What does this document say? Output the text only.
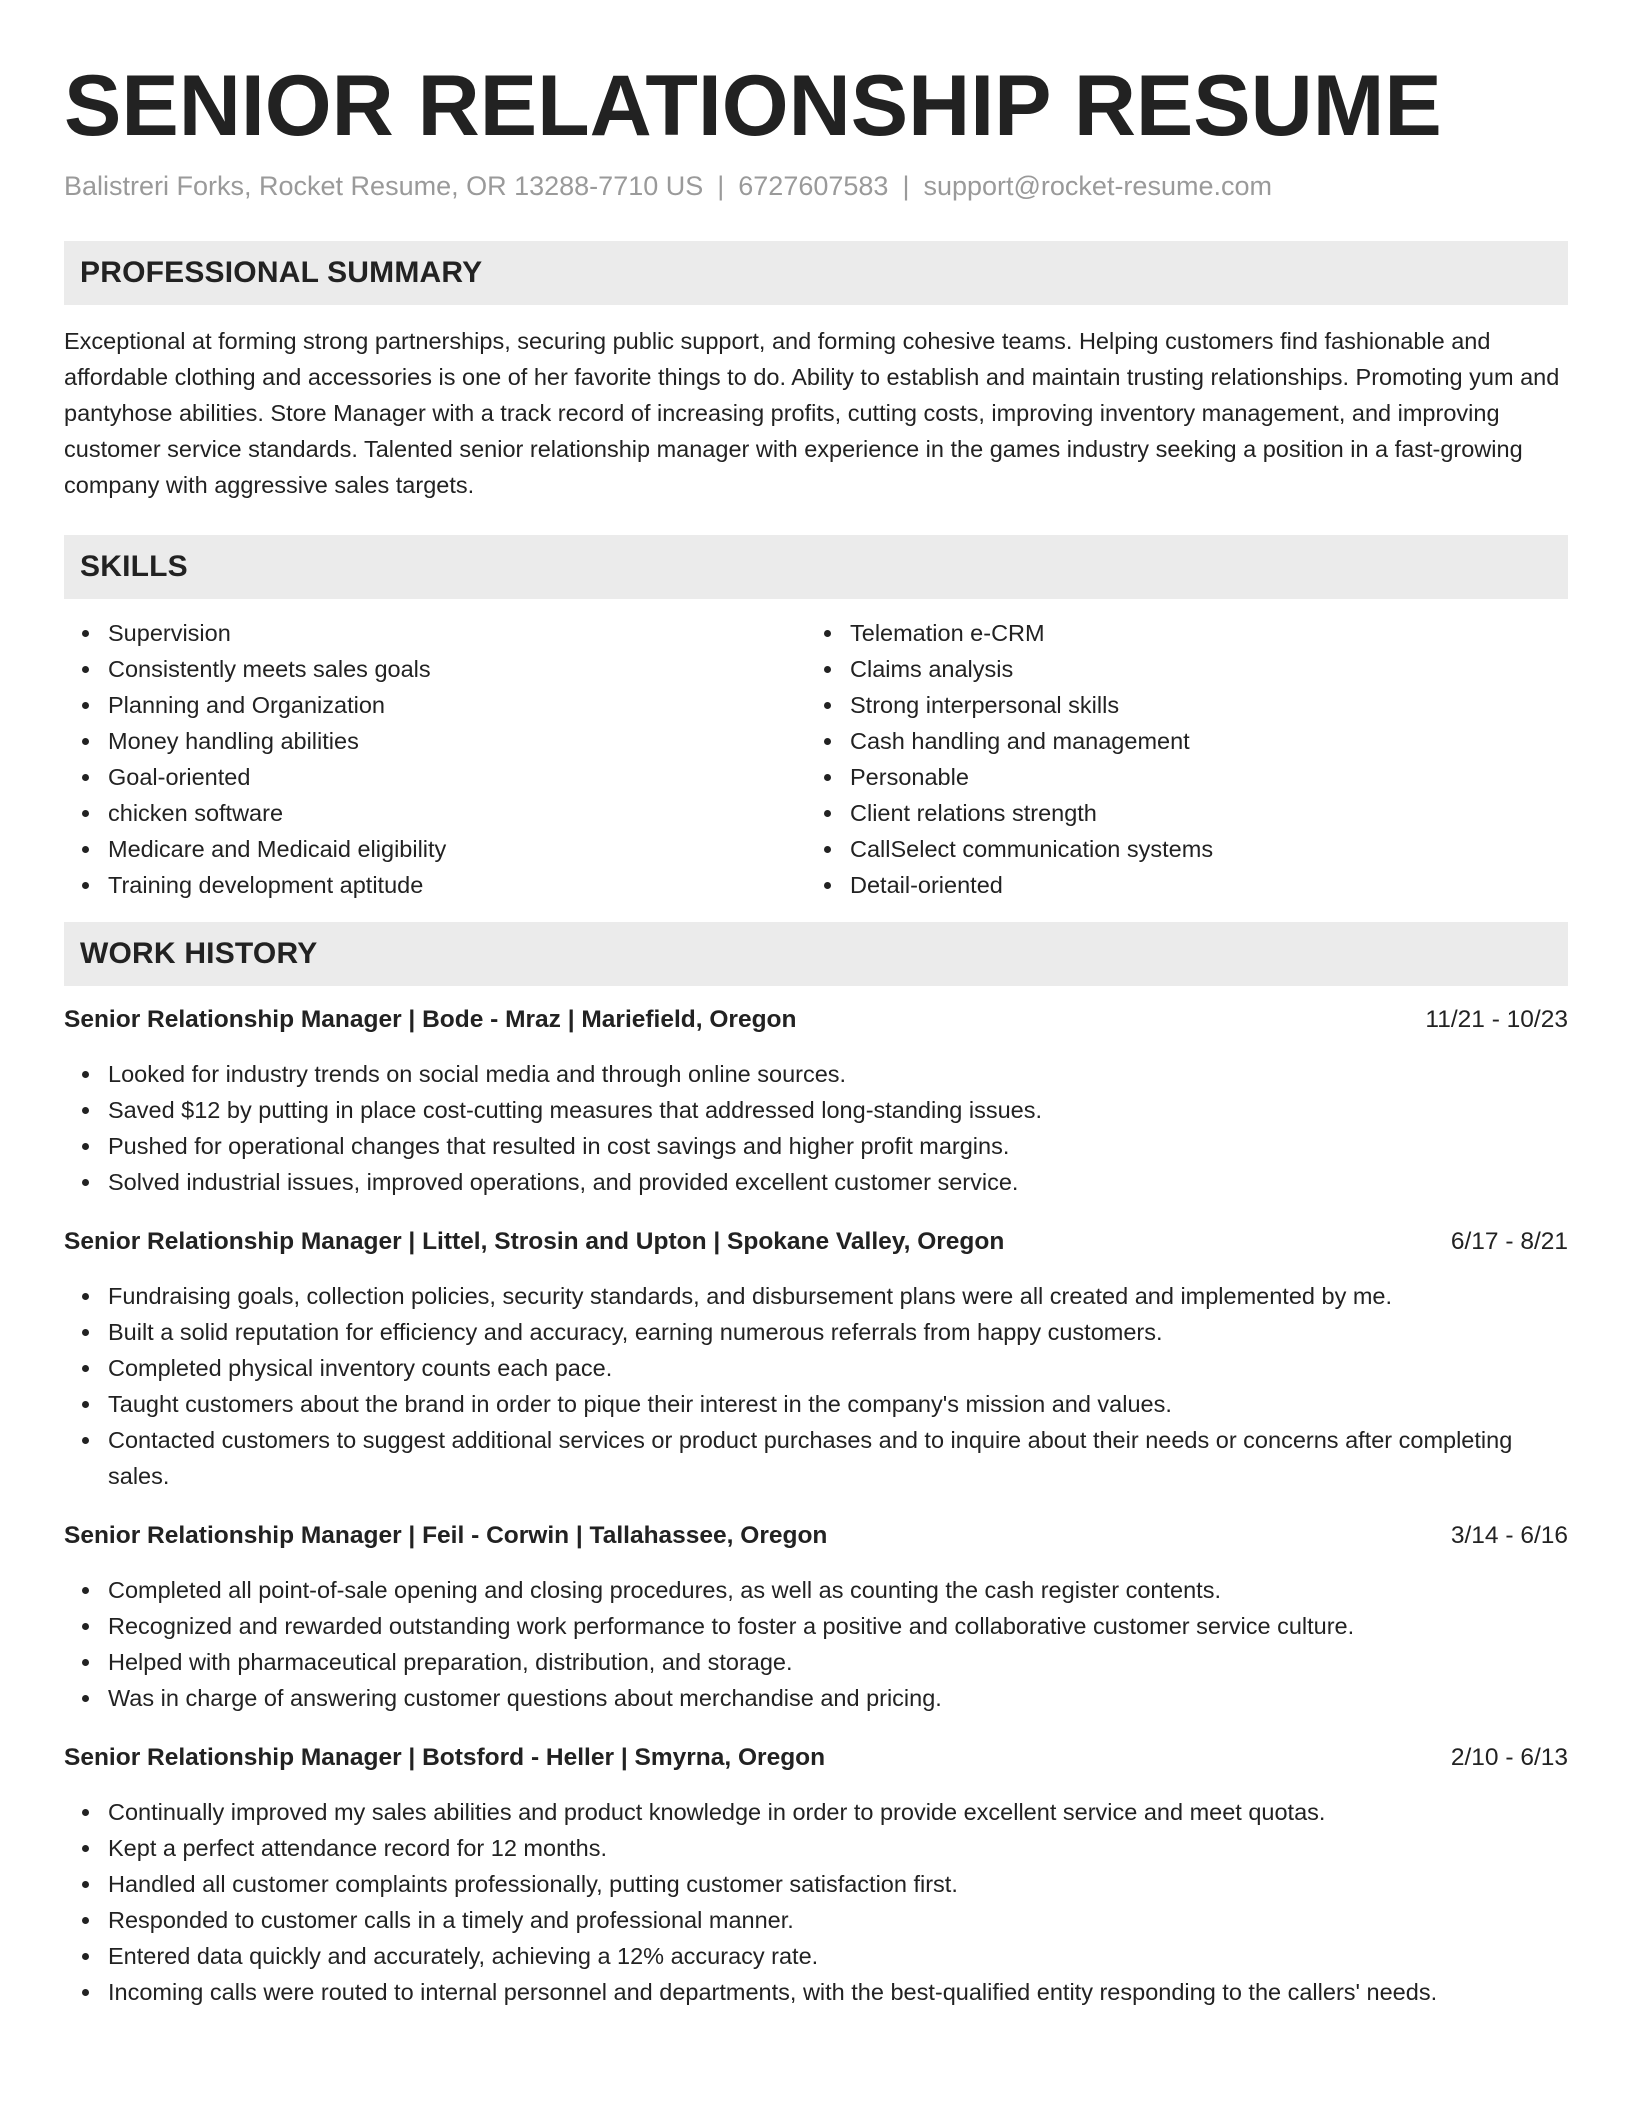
SENIOR RELATIONSHIP RESUME
Balistreri Forks, Rocket Resume, OR 13288-7710 US | 6727607583 | support@rocket-resume.com
PROFESSIONAL SUMMARY

Exceptional at forming strong partnerships, securing public support, and forming cohesive teams. Helping customers find fashionable and affordable clothing and accessories is one of her favorite things to do. Ability to establish and maintain trusting relationships. Promoting yum and pantyhose abilities. Store Manager with a track record of increasing profits, cutting costs, improving inventory management, and improving customer service standards. Talented senior relationship manager with experience in the games industry seeking a position in a fast-growing company with aggressive sales targets.

SKILLS
Supervision
Consistently meets sales goals
Planning and Organization
Money handling abilities
Goal-oriented
chicken software
Medicare and Medicaid eligibility
Training development aptitude
Telemation e-CRM
Claims analysis
Strong interpersonal skills
Cash handling and management
Personable
Client relations strength
CallSelect communication systems
Detail-oriented
WORK HISTORY
Senior Relationship Manager | Bode - Mraz | Mariefield, Oregon	11/21 - 10/23
Looked for industry trends on social media and through online sources.
Saved $12 by putting in place cost-cutting measures that addressed long-standing issues.
Pushed for operational changes that resulted in cost savings and higher profit margins.
Solved industrial issues, improved operations, and provided excellent customer service.
Senior Relationship Manager | Littel, Strosin and Upton | Spokane Valley, Oregon	6/17 - 8/21
Fundraising goals, collection policies, security standards, and disbursement plans were all created and implemented by me.
Built a solid reputation for efficiency and accuracy, earning numerous referrals from happy customers.
Completed physical inventory counts each pace.
Taught customers about the brand in order to pique their interest in the company's mission and values.
Contacted customers to suggest additional services or product purchases and to inquire about their needs or concerns after completing sales.
Senior Relationship Manager | Feil - Corwin | Tallahassee, Oregon	3/14 - 6/16
Completed all point-of-sale opening and closing procedures, as well as counting the cash register contents.
Recognized and rewarded outstanding work performance to foster a positive and collaborative customer service culture.
Helped with pharmaceutical preparation, distribution, and storage.
Was in charge of answering customer questions about merchandise and pricing.
Senior Relationship Manager | Botsford - Heller | Smyrna, Oregon	2/10 - 6/13
Continually improved my sales abilities and product knowledge in order to provide excellent service and meet quotas.
Kept a perfect attendance record for 12 months.
Handled all customer complaints professionally, putting customer satisfaction first.
Responded to customer calls in a timely and professional manner.
Entered data quickly and accurately, achieving a 12% accuracy rate.
Incoming calls were routed to internal personnel and departments, with the best-qualified entity responding to the callers' needs.
